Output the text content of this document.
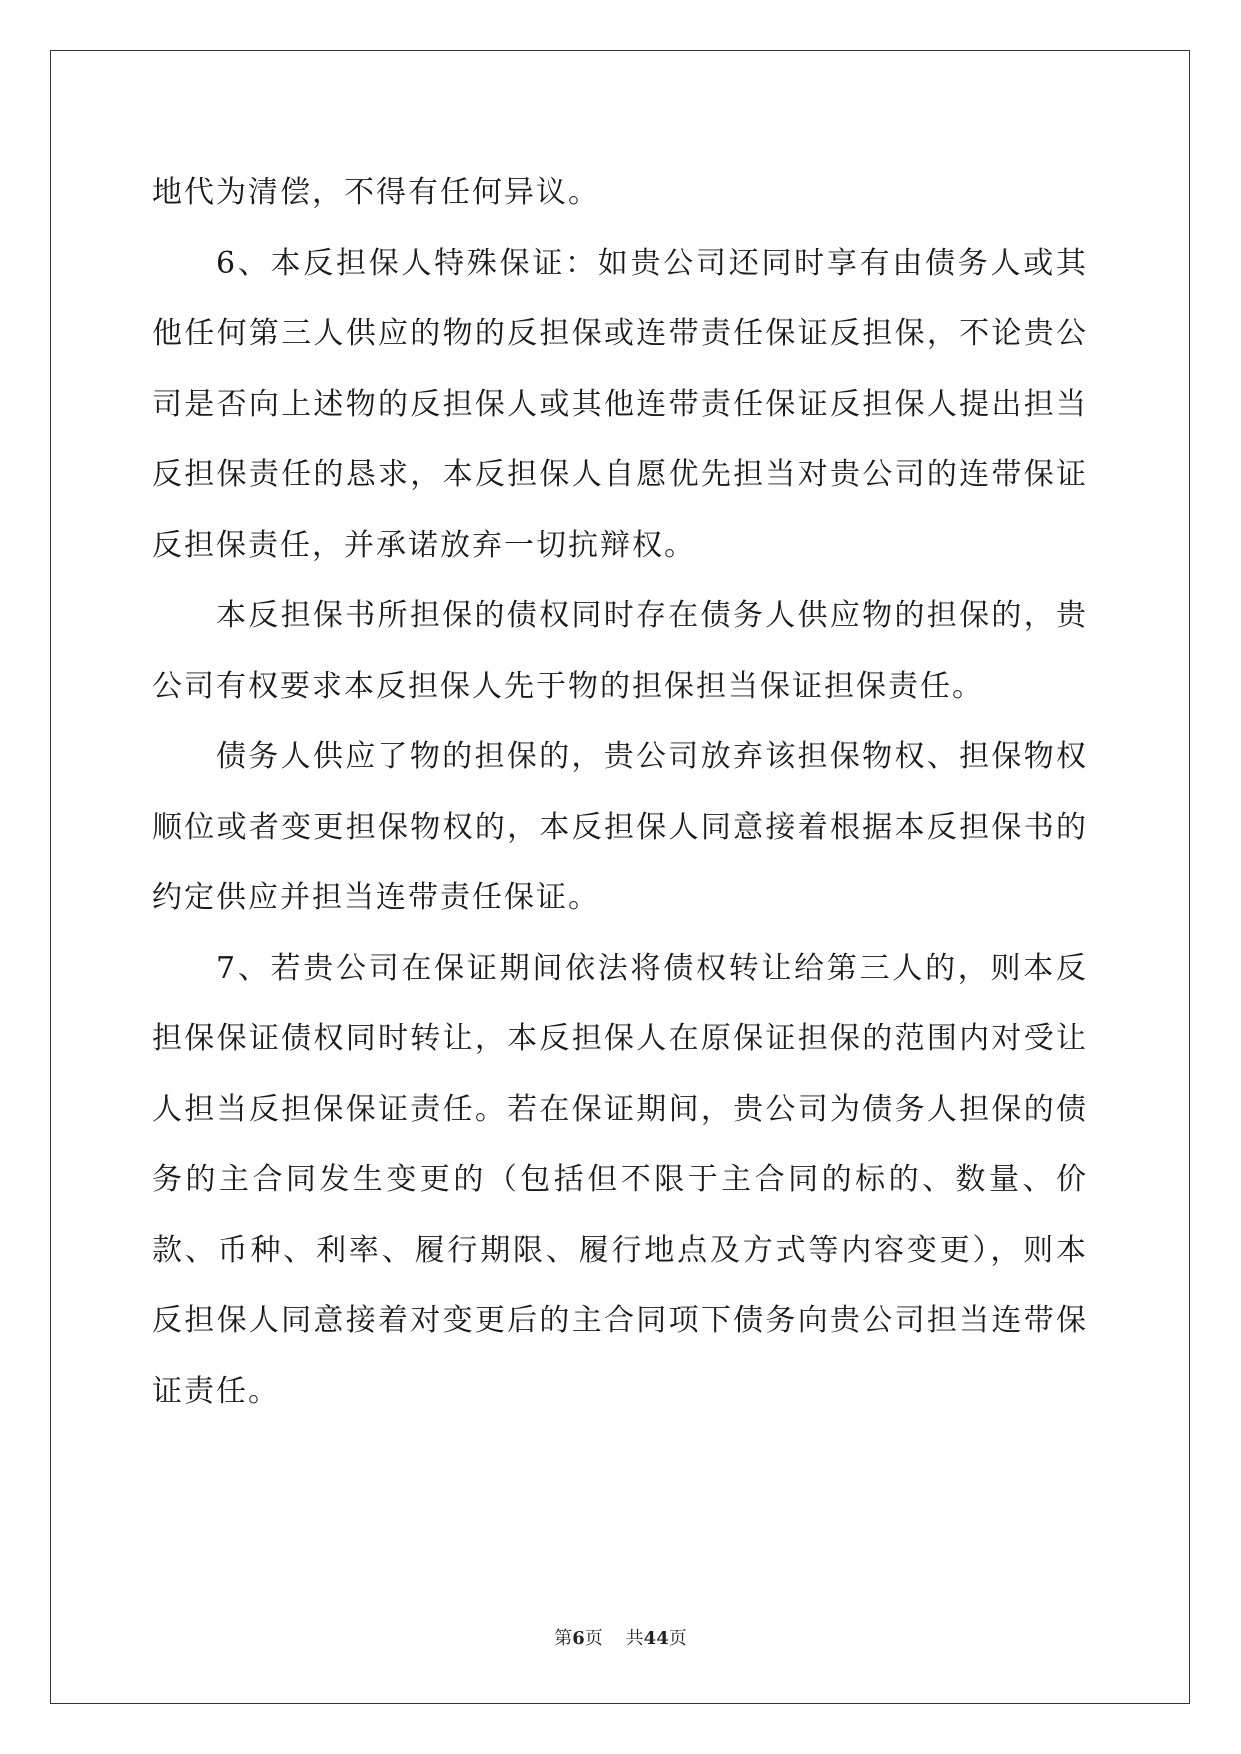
地代为清偿，不得有任何异议。

6、本反担保人特殊保证：如贵公司还同时享有由债务人或其他任何第三人供应的物的反担保或连带责任保证反担保，不论贵公司是否向上述物的反担保人或其他连带责任保证反担保人提出担当反担保责任的恳求，本反担保人自愿优先担当对贵公司的连带保证反担保责任，并承诺放弃一切抗辩权。

本反担保书所担保的债权同时存在债务人供应物的担保的，贵公司有权要求本反担保人先于物的担保担当保证担保责任。

债务人供应了物的担保的，贵公司放弃该担保物权、担保物权顺位或者变更担保物权的，本反担保人同意接着根据本反担保书的约定供应并担当连带责任保证。

7、若贵公司在保证期间依法将债权转让给第三人的，则本反担保保证债权同时转让，本反担保人在原保证担保的范围内对受让人担当反担保保证责任。若在保证期间，贵公司为债务人担保的债务的主合同发生变更的（包括但不限于主合同的标的、数量、价款、币种、利率、履行期限、履行地点及方式等内容变更），则本反担保人同意接着对变更后的主合同项下债务向贵公司担当连带保证责任。

第6页 共44页
